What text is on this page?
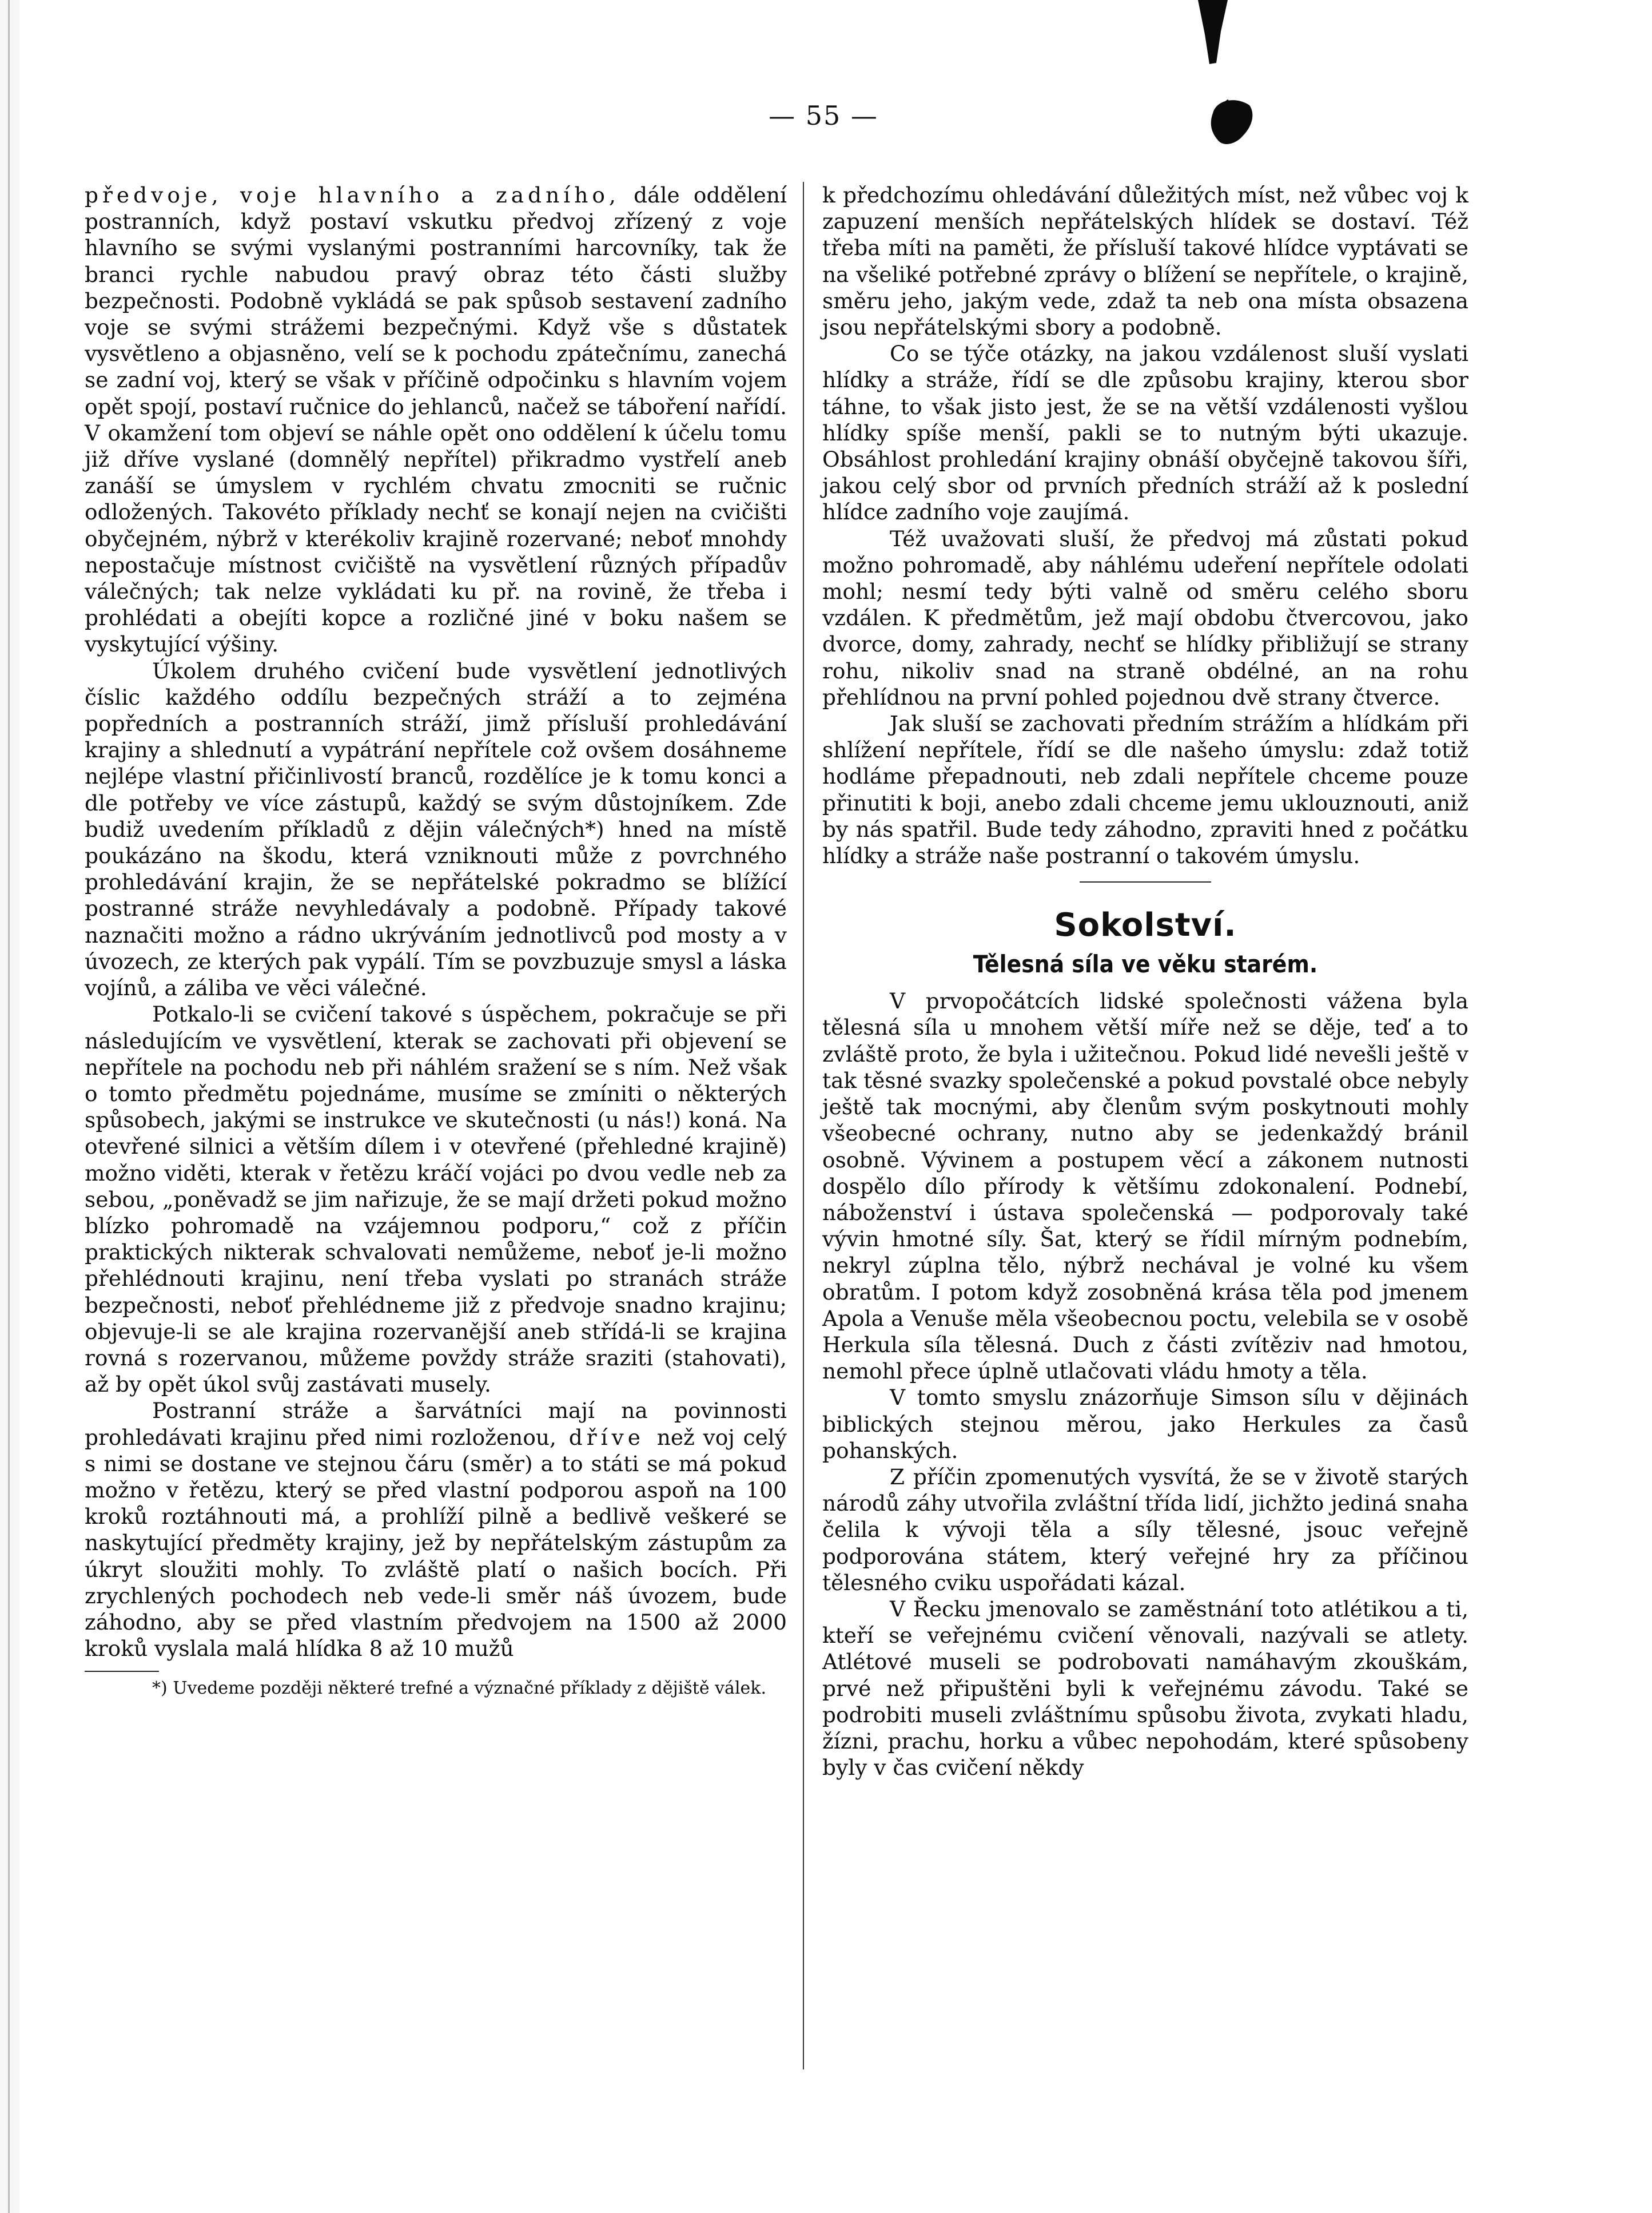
— 55 —

předvoje, voje hlavního a zadního, dále oddělení postranních, když postaví vskutku předvoj zřízený z voje hlavního se svými vyslanými postranními harcovníky, tak že branci rychle nabudou pravý obraz této části služby bezpečnosti. Podobně vykládá se pak spůsob sestavení zadního voje se svými strážemi bezpečnými. Když vše s důstatek vysvětleno a objasněno, velí se k pochodu zpátečnímu, zanechá se zadní voj, který se však v příčině odpočinku s hlavním vojem opět spojí, postaví ručnice do jehlanců, načež se táboření nařídí. V okamžení tom objeví se náhle opět ono oddělení k účelu tomu již dříve vyslané (domnělý nepřítel) přikradmo vystřelí aneb zanáší se úmyslem v rychlém chvatu zmocniti se ručnic odložených. Takovéto příklady nechť se konají nejen na cvičišti obyčejném, nýbrž v kterékoliv krajině rozervané; neboť mnohdy nepostačuje místnost cvičiště na vysvětlení různých případův válečných; tak nelze vykládati ku př. na rovině, že třeba i prohlédati a obejíti kopce a rozličné jiné v boku našem se vyskytující výšiny.

Úkolem druhého cvičení bude vysvětlení jednotlivých číslic každého oddílu bezpečných stráží a to zejména popředních a postranních stráží, jimž přísluší prohledávání krajiny a shlednutí a vypátrání nepřítele což ovšem dosáhneme nejlépe vlastní přičinlivostí branců, rozdělíce je k tomu konci a dle potřeby ve více zástupů, každý se svým důstojníkem. Zde budiž uvedením příkladů z dějin válečných*) hned na místě poukázáno na škodu, která vzniknouti může z povrchného prohledávání krajin, že se nepřátelské pokradmo se blížící postranné stráže nevyhledávaly a podobně. Případy takové naznačiti možno a rádno ukrýváním jednotlivců pod mosty a v úvozech, ze kterých pak vypálí. Tím se povzbuzuje smysl a láska vojínů, a záliba ve věci válečné.

Potkalo-li se cvičení takové s úspěchem, pokračuje se při následujícím ve vysvětlení, kterak se zachovati při objevení se nepřítele na pochodu neb při náhlém sražení se s ním. Než však o tomto předmětu pojednáme, musíme se zmíniti o některých spůsobech, jakými se instrukce ve skutečnosti (u nás!) koná. Na otevřené silnici a větším dílem i v otevřené (přehledné krajině) možno viděti, kterak v řetězu kráčí vojáci po dvou vedle neb za sebou, „poněvadž se jim nařizuje, že se mají držeti pokud možno blízko pohromadě na vzájemnou podporu,“ což z příčin praktických nikterak schvalovati nemůžeme, neboť je-li možno přehlédnouti krajinu, není třeba vyslati po stranách stráže bezpečnosti, neboť přehlédneme již z předvoje snadno krajinu; objevuje-li se ale krajina rozervanější aneb střídá-li se krajina rovná s rozervanou, můžeme povždy stráže sraziti (stahovati), až by opět úkol svůj zastávati musely.

Postranní stráže a šarvátníci mají na povinnosti prohledávati krajinu před nimi rozloženou, dříve než voj celý s nimi se dostane ve stejnou čáru (směr) a to státi se má pokud možno v řetězu, který se před vlastní podporou aspoň na 100 kroků roztáhnouti má, a prohlíží pilně a bedlivě veškeré se naskytující předměty krajiny, jež by nepřátelským zástupům za úkryt sloužiti mohly. To zvláště platí o našich bocích. Při zrychlených pochodech neb vede-li směr náš úvozem, bude záhodno, aby se před vlastním předvojem na 1500 až 2000 kroků vyslala malá hlídka 8 až 10 mužů

*) Uvedeme později některé trefné a význačné příklady z dějiště válek.

k předchozímu ohledávání důležitých míst, než vůbec voj k zapuzení menších nepřátelských hlídek se dostaví. Též třeba míti na paměti, že přísluší takové hlídce vyptávati se na všeliké potřebné zprávy o blížení se nepřítele, o krajině, směru jeho, jakým vede, zdaž ta neb ona místa obsazena jsou nepřátelskými sbory a podobně.

Co se týče otázky, na jakou vzdálenost sluší vyslati hlídky a stráže, řídí se dle způsobu krajiny, kterou sbor táhne, to však jisto jest, že se na větší vzdálenosti vyšlou hlídky spíše menší, pakli se to nutným býti ukazuje. Obsáhlost prohledání krajiny obnáší obyčejně takovou šíři, jakou celý sbor od prvních předních stráží až k poslední hlídce zadního voje zaujímá.

Též uvažovati sluší, že předvoj má zůstati pokud možno pohromadě, aby náhlému udeření nepřítele odolati mohl; nesmí tedy býti valně od směru celého sboru vzdálen. K předmětům, jež mají obdobu čtvercovou, jako dvorce, domy, zahrady, nechť se hlídky přibližují se strany rohu, nikoliv snad na straně obdélné, an na rohu přehlídnou na první pohled pojednou dvě strany čtverce.

Jak sluší se zachovati předním strážím a hlídkám při shlížení nepřítele, řídí se dle našeho úmyslu: zdaž totiž hodláme přepadnouti, neb zdali nepřítele chceme pouze přinutiti k boji, anebo zdali chceme jemu uklouznouti, aniž by nás spatřil. Bude tedy záhodno, zpraviti hned z počátku hlídky a stráže naše postranní o takovém úmyslu.

Sokolství.
Tělesná síla ve věku starém.

V prvopočátcích lidské společnosti vážena byla tělesná síla u mnohem větší míře než se děje, teď a to zvláště proto, že byla i užitečnou. Pokud lidé nevešli ještě v tak těsné svazky společenské a pokud povstalé obce nebyly ještě tak mocnými, aby členům svým poskytnouti mohly všeobecné ochrany, nutno aby se jedenkaždý bránil osobně. Vývinem a postupem věcí a zákonem nutnosti dospělo dílo přírody k většímu zdokonalení. Podnebí, náboženství i ústava společenská — podporovaly také vývin hmotné síly. Šat, který se řídil mírným podnebím, nekryl zúplna tělo, nýbrž nechával je volné ku všem obratům. I potom když zosobněná krása těla pod jmenem Apola a Venuše měla všeobecnou poctu, velebila se v osobě Herkula síla tělesná. Duch z části zvítěziv nad hmotou, nemohl přece úplně utlačovati vládu hmoty a těla.

V tomto smyslu znázorňuje Simson sílu v dějinách biblických stejnou měrou, jako Herkules za časů pohanských.

Z příčin zpomenutých vysvítá, že se v životě starých národů záhy utvořila zvláštní třída lidí, jichžto jediná snaha čelila k vývoji těla a síly tělesné, jsouc veřejně podporována státem, který veřejné hry za příčinou tělesného cviku uspořádati kázal.

V Řecku jmenovalo se zaměstnání toto atlétikou a ti, kteří se veřejnému cvičení věnovali, nazývali se atlety. Atlétové museli se podrobovati namáhavým zkouškám, prvé než připuštěni byli k veřejnému závodu. Také se podrobiti museli zvláštnímu spůsobu života, zvykati hladu, žízni, prachu, horku a vůbec nepohodám, které spůsobeny byly v čas cvičení někdy
